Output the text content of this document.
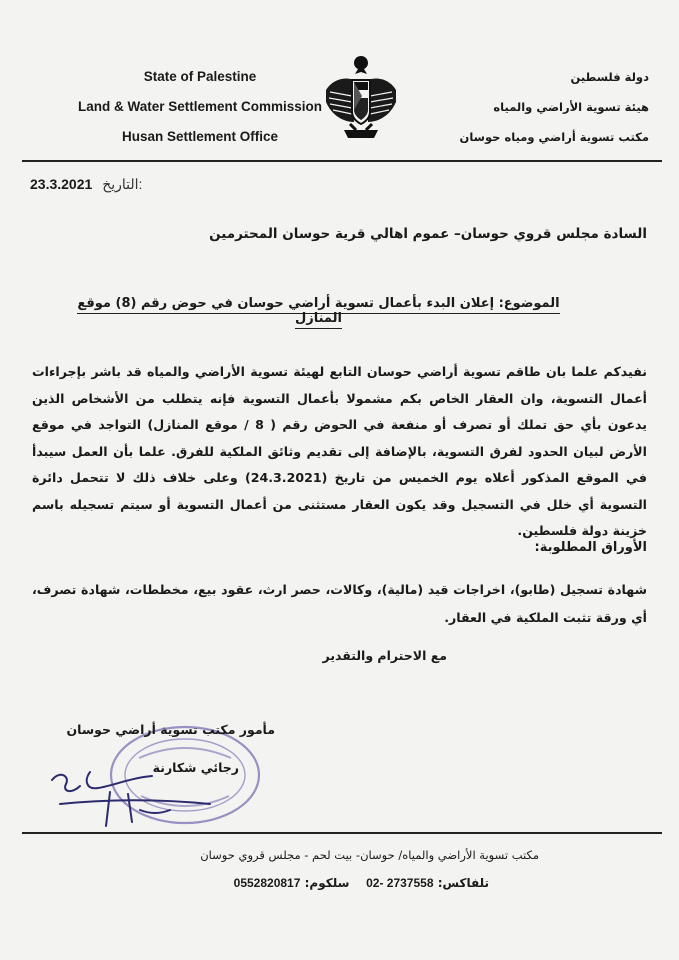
State of Palestine
Land & Water Settlement Commission
Husan Settlement Office
دولة فلسطين
هيئة تسوية الأراضي والمياه
مكتب تسوية أراضي ومياه حوسان
23.3.2021 التاريخ:
السادة مجلس قروي حوسان– عموم اهالي قرية حوسان المحترمين
الموضوع: إعلان البدء بأعمال تسوية أراضي حوسان في حوض رقم (8) موقع المنازل
نفيدكم علما بان طاقم تسوية أراضي حوسان التابع لهيئة تسوية الأراضي والمياه قد باشر بإجراءات أعمال التسوية، وان العقار الخاص بكم مشمولا بأعمال التسوية فإنه يتطلب من الأشخاص الذين يدعون بأي حق تملك أو تصرف أو منفعة في الحوض رقم ( 8 / موقع المنازل) التواجد في موقع الأرض لبيان الحدود لفرق التسوية، بالإضافة إلى تقديم وثائق الملكية للفرق. علما بأن العمل سيبدأ في الموقع المذكور أعلاه يوم الخميس من تاريخ (24.3.2021) وعلى خلاف ذلك لا تتحمل دائرة التسوية أي خلل في التسجيل وقد يكون العقار مستثنى من أعمال التسوية أو سيتم تسجيله باسم خزينة دولة فلسطين.
الأوراق المطلوبة:
شهادة تسجيل (طابو)، اخراجات قيد (مالية)، وكالات، حصر ارث، عقود بيع، مخططات، شهادة تصرف، أي ورقة تثبت الملكية في العقار.
مع الاحترام والتقدير
مأمور مكتب تسوية أراضي حوسان
رجائي شكارنة
مكتب تسوية الأراضي والمياه/ حوسان- بيت لحم - مجلس قروي حوسان
تلفاكس: 02- 2737558    سلكوم: 0552820817
